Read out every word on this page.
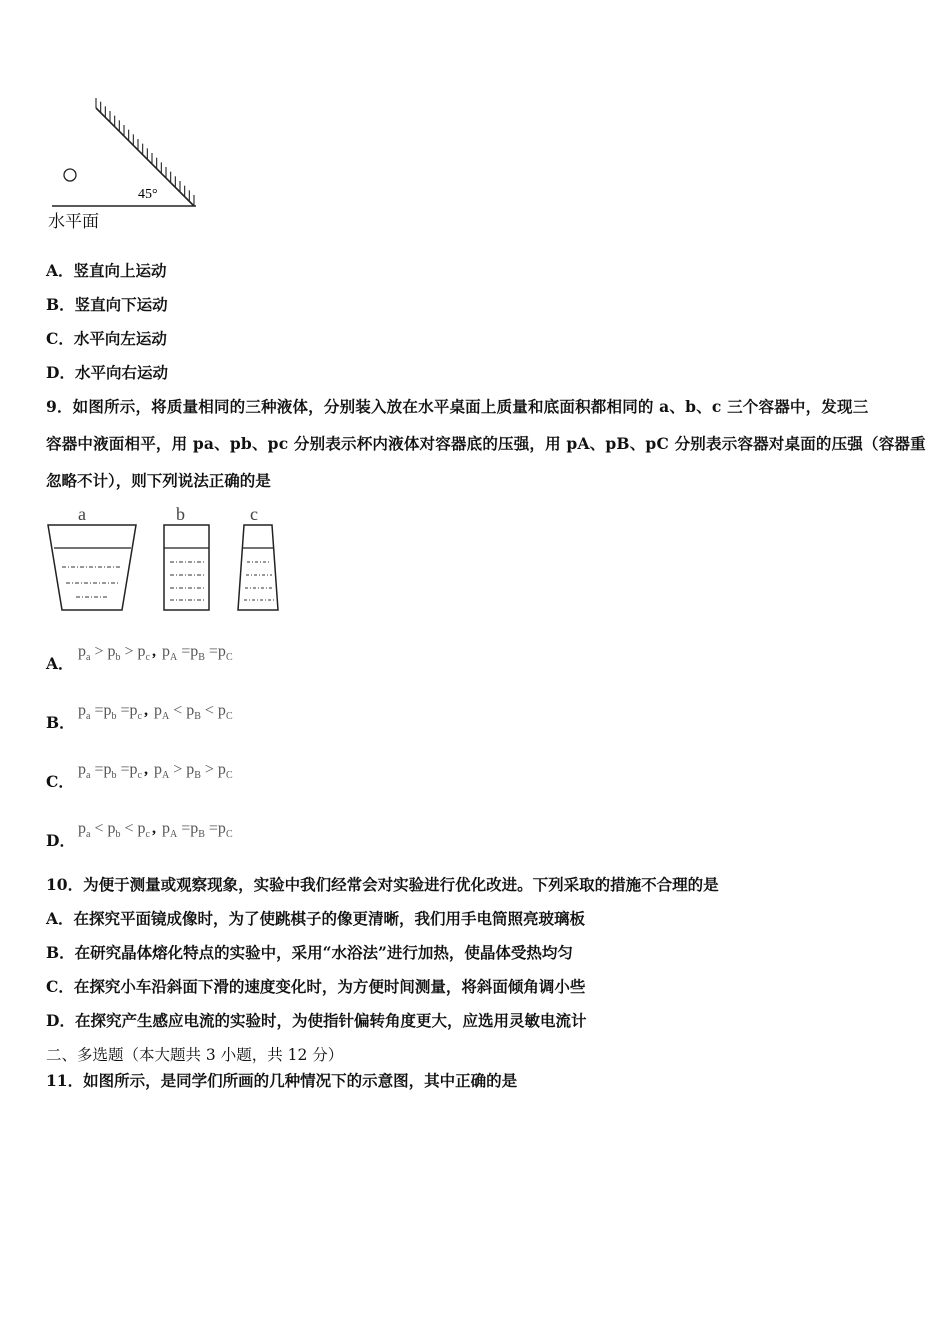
45°
水平面
A．竖直向上运动
B．竖直向下运动
C．水平向左运动
D．水平向右运动
9．如图所示，将质量相同的三种液体，分别装入放在水平桌面上质量和底面积都相同的 a、b、c 三个容器中，发现三
容器中液面相平，用 pa、pb、pc 分别表示杯内液体对容器底的压强，用 pA、pB、pC 分别表示容器对桌面的压强（容器重
忽略不计），则下列说法正确的是
a	b	c
A．
$p_a > p_b > p_c$ , $p_A =p_B =p_C$
B．
$p_a =p_b =p_c$ , $p_A < p_B < p_C$
C．
$p_a =p_b =p_c$ , $p_A > p_B > p_C$
D．
$p_a < p_b < p_c$ , $p_A =p_B =p_C$
10．为便于测量或观察现象，实验中我们经常会对实验进行优化改进。下列采取的措施不合理的是
A．在探究平面镜成像时，为了使跳棋子的像更清晰，我们用手电筒照亮玻璃板
B．在研究晶体熔化特点的实验中，采用“水浴法”进行加热，使晶体受热均匀
C．在探究小车沿斜面下滑的速度变化时，为方便时间测量，将斜面倾角调小些
D．在探究产生感应电流的实验时，为使指针偏转角度更大，应选用灵敏电流计
二、多选题（本大题共 3 小题，共 12 分）
11．如图所示，是同学们所画的几种情况下的示意图，其中正确的是
